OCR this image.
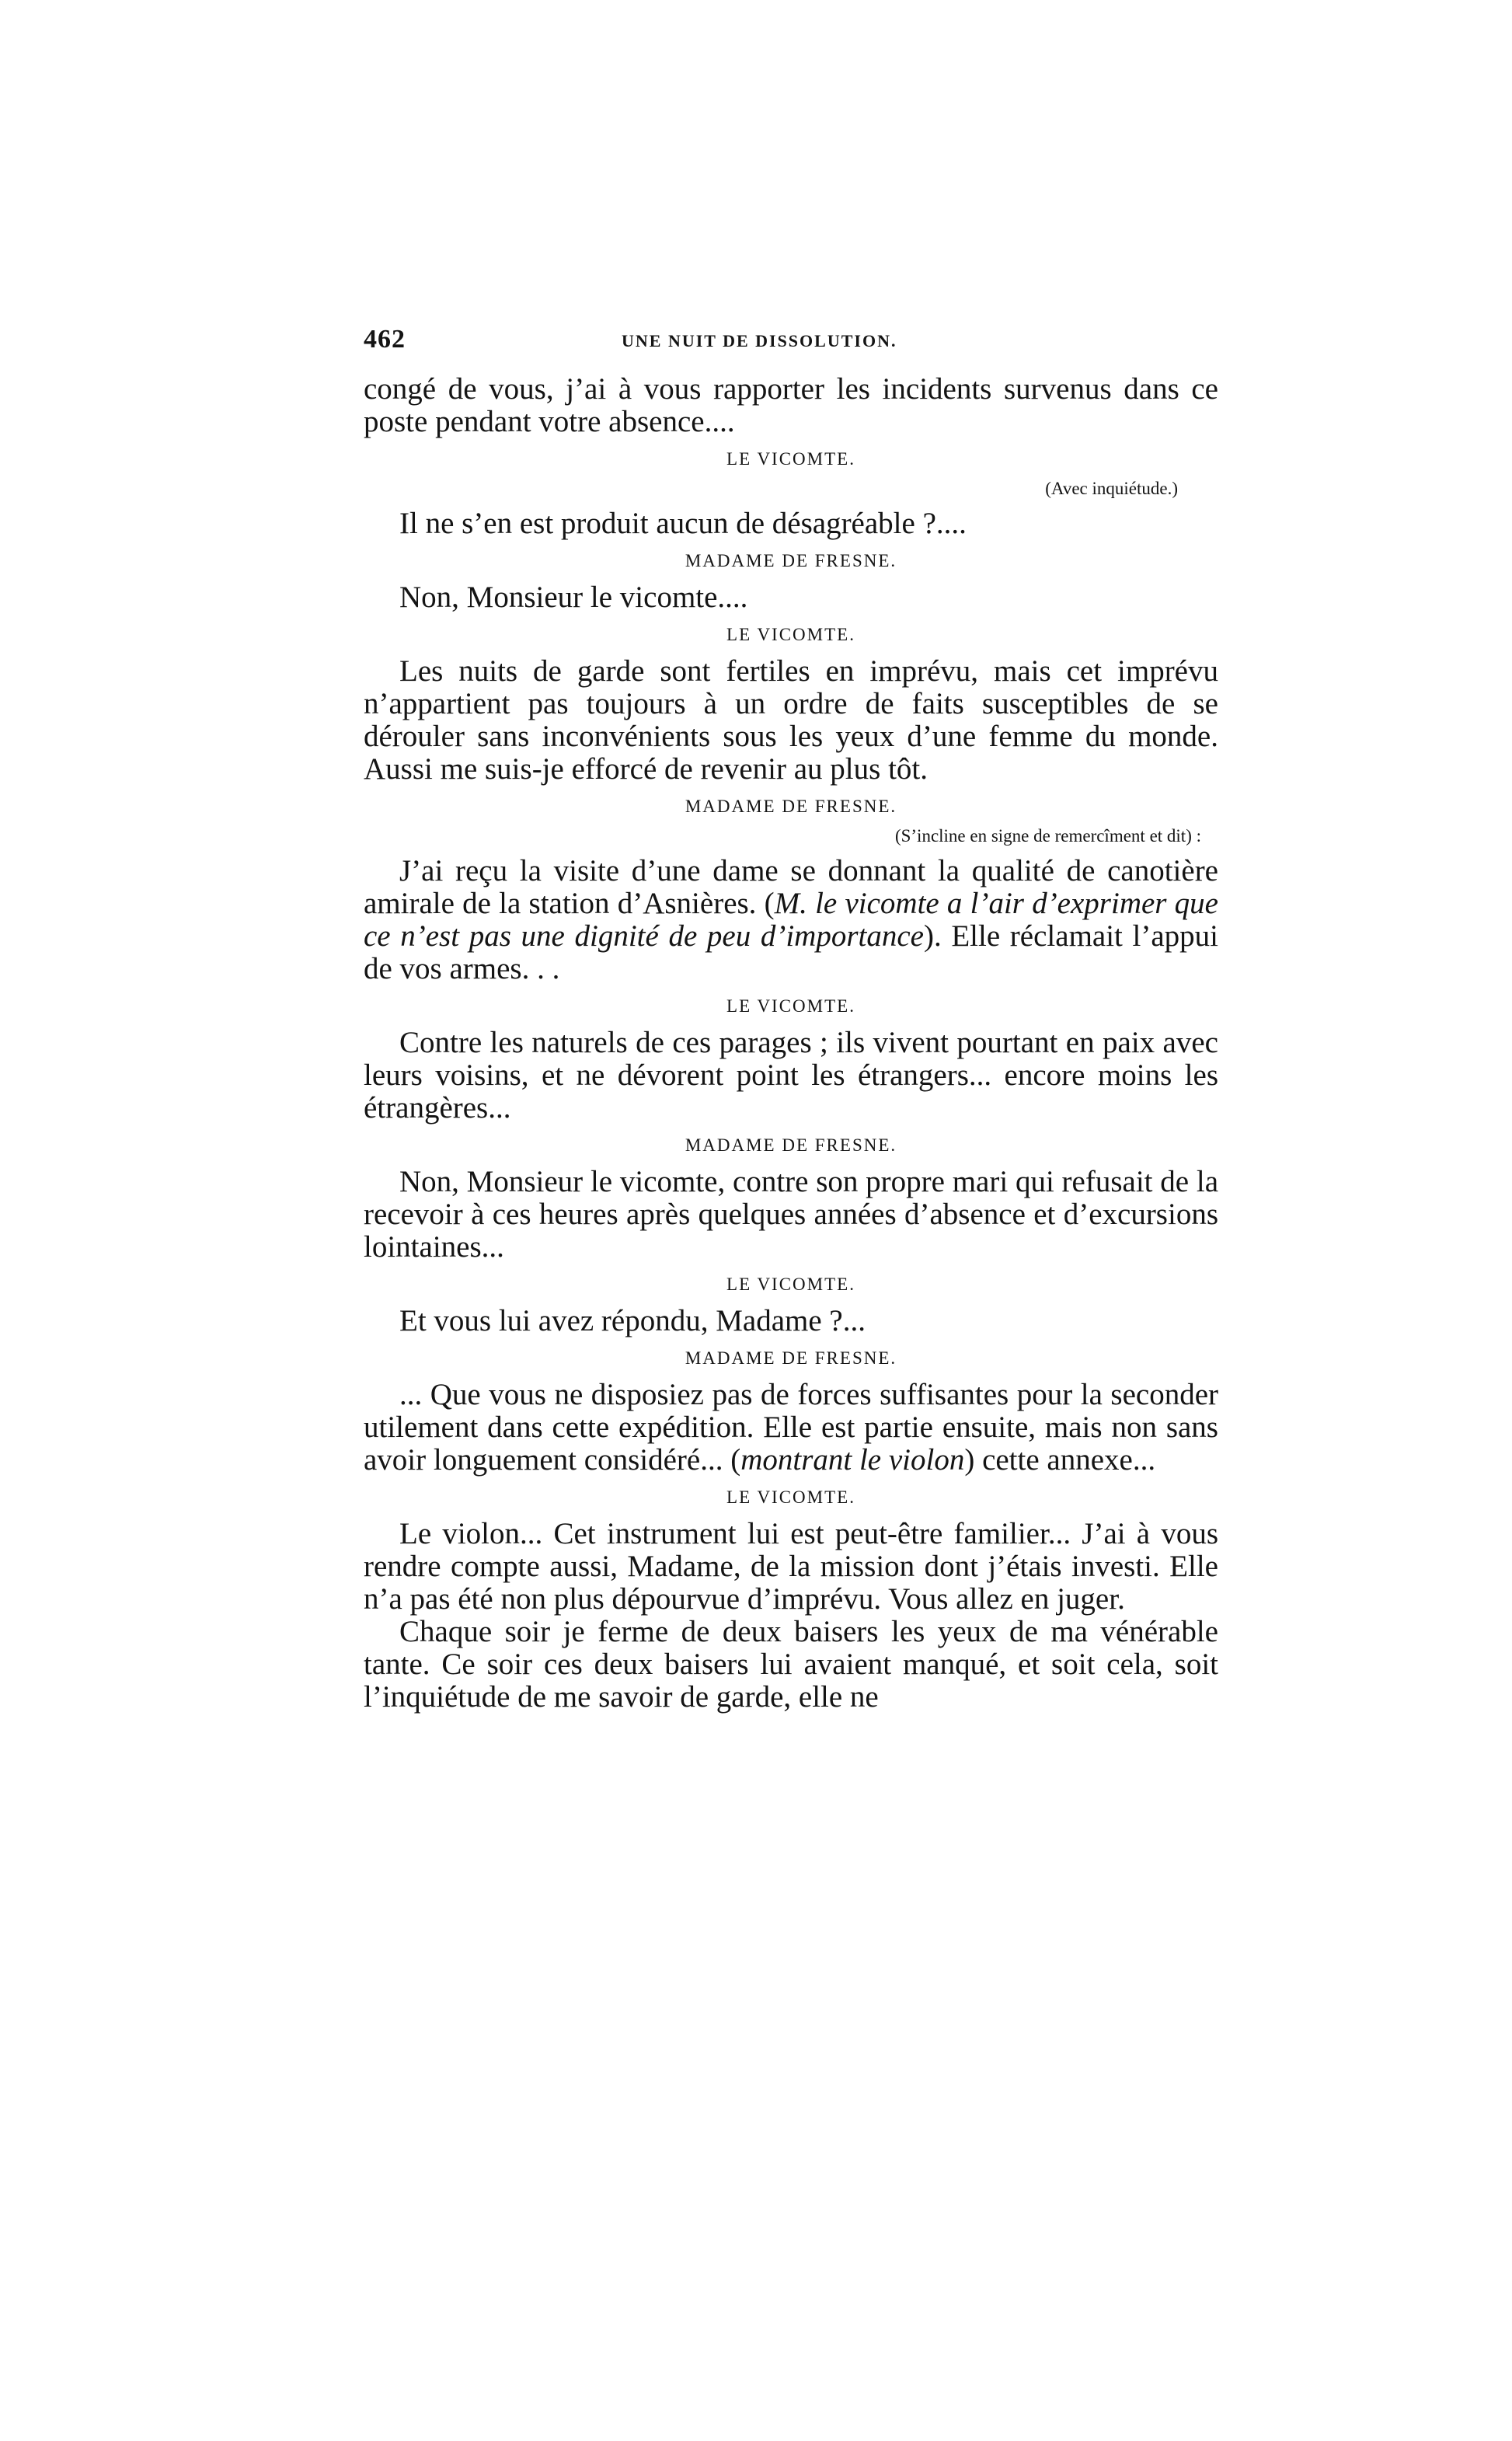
462	UNE NUIT DE DISSOLUTION.

congé de vous, j’ai à vous rapporter les incidents survenus dans ce poste pendant votre absence....

LE VICOMTE.
(Avec inquiétude.)

Il ne s’en est produit aucun de désagréable ?....

MADAME DE FRESNE.

Non, Monsieur le vicomte....

LE VICOMTE.

Les nuits de garde sont fertiles en imprévu, mais cet imprévu n’appartient pas toujours à un ordre de faits susceptibles de se dérouler sans inconvénients sous les yeux d’une femme du monde. Aussi me suis-je efforcé de revenir au plus tôt.

MADAME DE FRESNE.
(S’incline en signe de remercîment et dit) :

J’ai reçu la visite d’une dame se donnant la qualité de canotière amirale de la station d’Asnières. (M. le vicomte a l’air d’exprimer que ce n’est pas une dignité de peu d’importance). Elle réclamait l’appui de vos armes. . .

LE VICOMTE.

Contre les naturels de ces parages ; ils vivent pourtant en paix avec leurs voisins, et ne dévorent point les étrangers... encore moins les étrangères...

MADAME DE FRESNE.

Non, Monsieur le vicomte, contre son propre mari qui refusait de la recevoir à ces heures après quelques années d’absence et d’excursions lointaines...

LE VICOMTE.

Et vous lui avez répondu, Madame ?...

MADAME DE FRESNE.

... Que vous ne disposiez pas de forces suffisantes pour la seconder utilement dans cette expédition. Elle est partie ensuite, mais non sans avoir longuement considéré... (montrant le violon) cette annexe...

LE VICOMTE.

Le violon... Cet instrument lui est peut-être familier... J’ai à vous rendre compte aussi, Madame, de la mission dont j’étais investi. Elle n’a pas été non plus dépourvue d’imprévu. Vous allez en juger.

Chaque soir je ferme de deux baisers les yeux de ma vénérable tante. Ce soir ces deux baisers lui avaient manqué, et soit cela, soit l’inquiétude de me savoir de garde, elle ne
